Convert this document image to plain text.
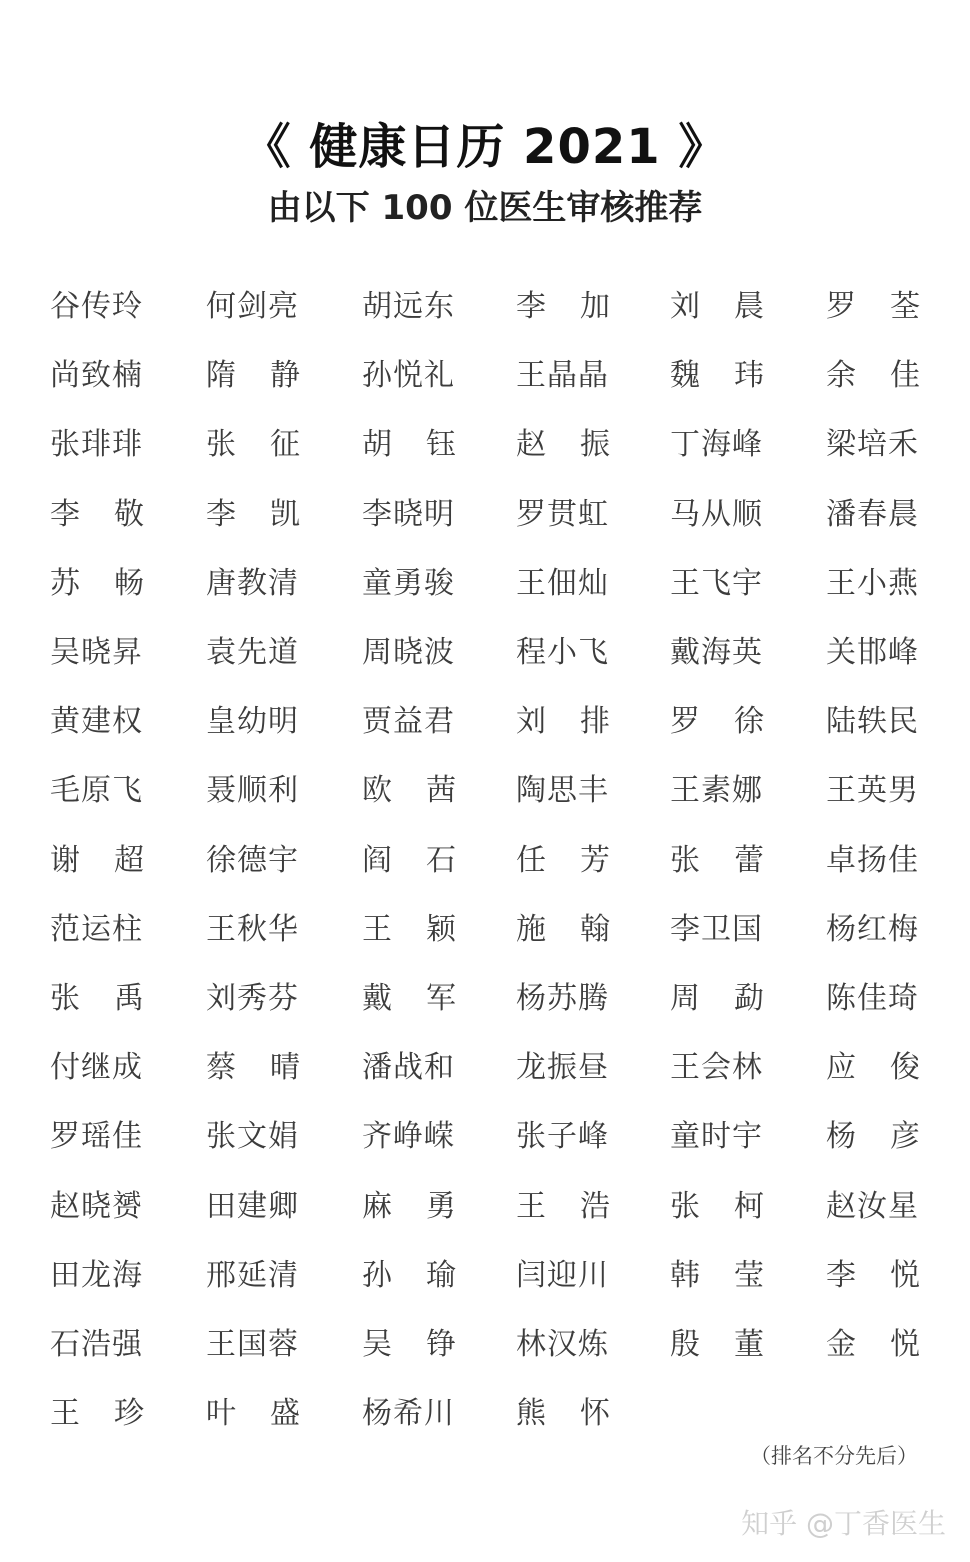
《 健康日历 2021 》
由以下 100 位医生审核推荐
谷传玲 何剑亮 胡远东 李 加 刘 晨 罗 荃
尚致楠 隋 静 孙悦礼 王晶晶 魏 玮 余 佳
张琲琲 张 征 胡 钰 赵 振 丁海峰 梁培禾
李 敬 李 凯 李晓明 罗贯虹 马从顺 潘春晨
苏 畅 唐教清 童勇骏 王佃灿 王飞宇 王小燕
吴晓昇 袁先道 周晓波 程小飞 戴海英 关邯峰
黄建权 皇幼明 贾益君 刘 排 罗 徐 陆轶民
毛原飞 聂顺利 欧 茜 陶思丰 王素娜 王英男
谢 超 徐德宇 阎 石 任 芳 张 蕾 卓扬佳
范运柱 王秋华 王 颖 施 翰 李卫国 杨红梅
张 禹 刘秀芬 戴 军 杨苏腾 周 勐 陈佳琦
付继成 蔡 晴 潘战和 龙振昼 王会林 应 俊
罗瑶佳 张文娟 齐峥嵘 张子峰 童时宇 杨 彦
赵晓赟 田建卿 麻 勇 王 浩 张 柯 赵汝星
田龙海 邢延清 孙 瑜 闫迎川 韩 莹 李 悦
石浩强 王国蓉 吴 铮 林汉炼 殷 董 金 悦
王 珍 叶 盛 杨希川 熊 怀
（排名不分先后）
知乎 @丁香医生
